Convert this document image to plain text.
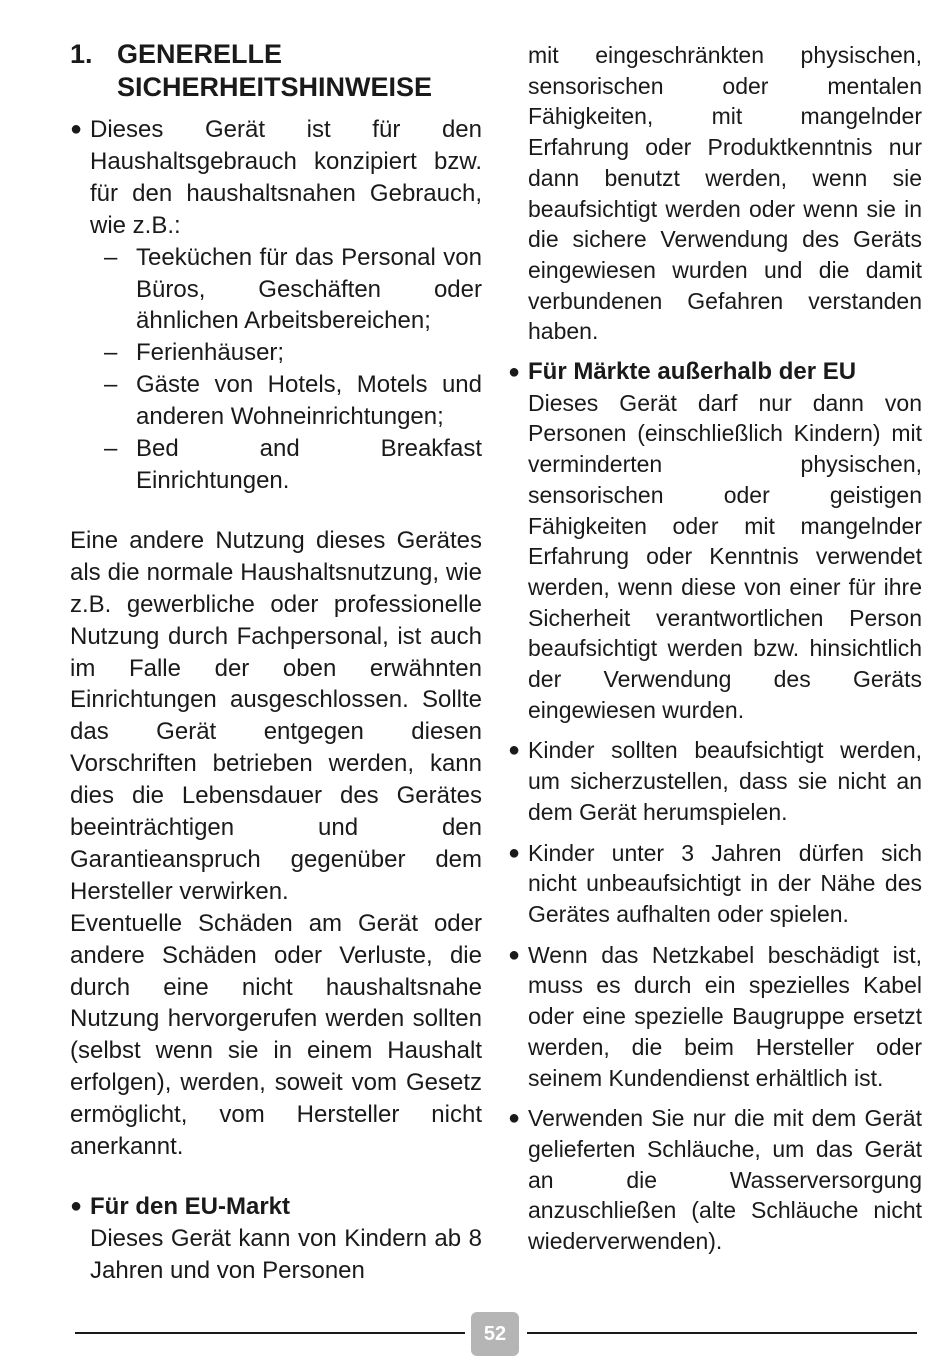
1. GENERELLE SICHERHEITSHINWEISE
● Dieses Gerät ist für den Haushaltsgebrauch konzipiert bzw. für den haushaltsnahen Gebrauch, wie z.B.:

– Teeküchen für das Personal von Büros, Geschäften oder ähnlichen Arbeitsbereichen;
– Ferienhäuser;
– Gäste von Hotels, Motels und anderen Wohneinrichtungen;
– Bed and Breakfast Einrichtungen.

Eine andere Nutzung dieses Gerätes als die normale Haushaltsnutzung, wie z.B. gewerbliche oder professionelle Nutzung durch Fachpersonal, ist auch im Falle der oben erwähnten Einrichtungen ausgeschlossen. Sollte das Gerät entgegen diesen Vorschriften betrieben werden, kann dies die Lebensdauer des Gerätes beeinträchtigen und den Garantieanspruch gegenüber dem Hersteller verwirken.

Eventuelle Schäden am Gerät oder andere Schäden oder Verluste, die durch eine nicht haushaltsnahe Nutzung hervorgerufen werden sollten (selbst wenn sie in einem Haushalt erfolgen), werden, soweit vom Gesetz ermöglicht, vom Hersteller nicht anerkannt.

● Für den EU-Markt

Dieses Gerät kann von Kindern ab 8 Jahren und von Personen

mit eingeschränkten physischen, sensorischen oder mentalen Fähigkeiten, mit mangelnder Erfahrung oder Produktkenntnis nur dann benutzt werden, wenn sie beaufsichtigt werden oder wenn sie in die sichere Verwendung des Geräts eingewiesen wurden und die damit verbundenen Gefahren verstanden haben.

● Für Märkte außerhalb der EU

Dieses Gerät darf nur dann von Personen (einschließlich Kindern) mit verminderten physischen, sensorischen oder geistigen Fähigkeiten oder mit mangelnder Erfahrung oder Kenntnis verwendet werden, wenn diese von einer für ihre Sicherheit verantwortlichen Person beaufsichtigt werden bzw. hinsichtlich der Verwendung des Geräts eingewiesen wurden.

● Kinder sollten beaufsichtigt werden, um sicherzustellen, dass sie nicht an dem Gerät herumspielen.

● Kinder unter 3 Jahren dürfen sich nicht unbeaufsichtigt in der Nähe des Gerätes aufhalten oder spielen.

● Wenn das Netzkabel beschädigt ist, muss es durch ein spezielles Kabel oder eine spezielle Baugruppe ersetzt werden, die beim Hersteller oder seinem Kundendienst erhältlich ist.

● Verwenden Sie nur die mit dem Gerät gelieferten Schläuche, um das Gerät an die Wasserversorgung anzuschließen (alte Schläuche nicht wiederverwenden).

52
